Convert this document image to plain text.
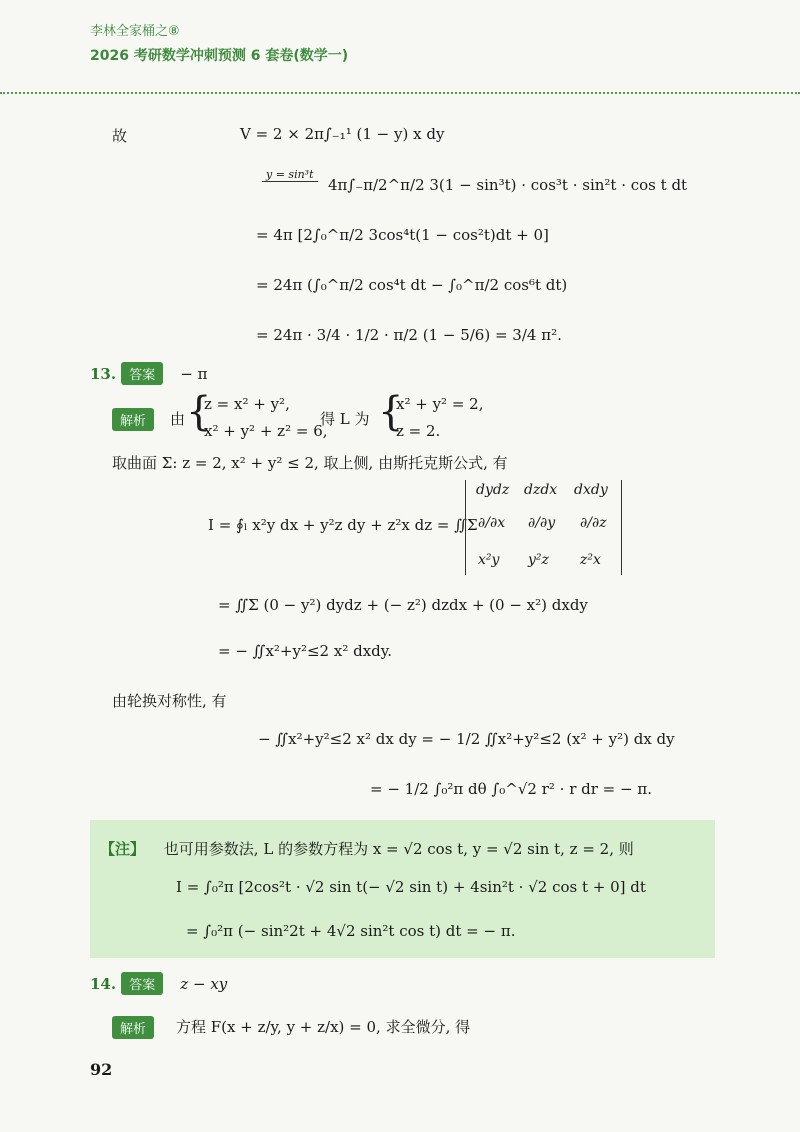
李林全家桶之⑧
2026 考研数学冲刺预测 6 套卷(数学一)
故	V = 2 × 2π∫₋₁¹ (1 − y) x dy
y = sin³t
4π∫₋π/2^π/2 3(1 − sin³t) · cos³t · sin²t · cos t dt
= 4π [2∫₀^π/2 3cos⁴t(1 − cos²t)dt + 0]
= 24π (∫₀^π/2 cos⁴t dt − ∫₀^π/2 cos⁶t dt)
= 24π · 3/4 · 1/2 · π/2 (1 − 5/6) = 3/4 π².
13. 答案 − π
解析	由 {
z = x² + y²,
x² + y² + z² = 6,
得 L 为 {
x² + y² = 2,
z = 2.
取曲面 Σ: z = 2, x² + y² ≤ 2, 取上侧, 由斯托克斯公式, 有
I = ∮ₗ x²y dx + y²z dy + z²x dz = ∬Σ
dydz dzdx dxdy
∂/∂x ∂/∂y ∂/∂z
x²y y²z z²x
= ∬Σ (0 − y²) dydz + (− z²) dzdx + (0 − x²) dxdy
= − ∬x²+y²≤2 x² dxdy.
由轮换对称性, 有
− ∬x²+y²≤2 x² dx dy = − 1/2 ∬x²+y²≤2 (x² + y²) dx dy
= − 1/2 ∫₀²π dθ ∫₀^√2 r² · r dr = − π.
【注】 也可用参数法, L 的参数方程为 x = √2 cos t, y = √2 sin t, z = 2, 则
I = ∫₀²π [2cos²t · √2 sin t(− √2 sin t) + 4sin²t · √2 cos t + 0] dt
= ∫₀²π (− sin²2t + 4√2 sin²t cos t) dt = − π.
14. 答案 z − xy
解析	方程 F(x + z/y, y + z/x) = 0, 求全微分, 得
92
